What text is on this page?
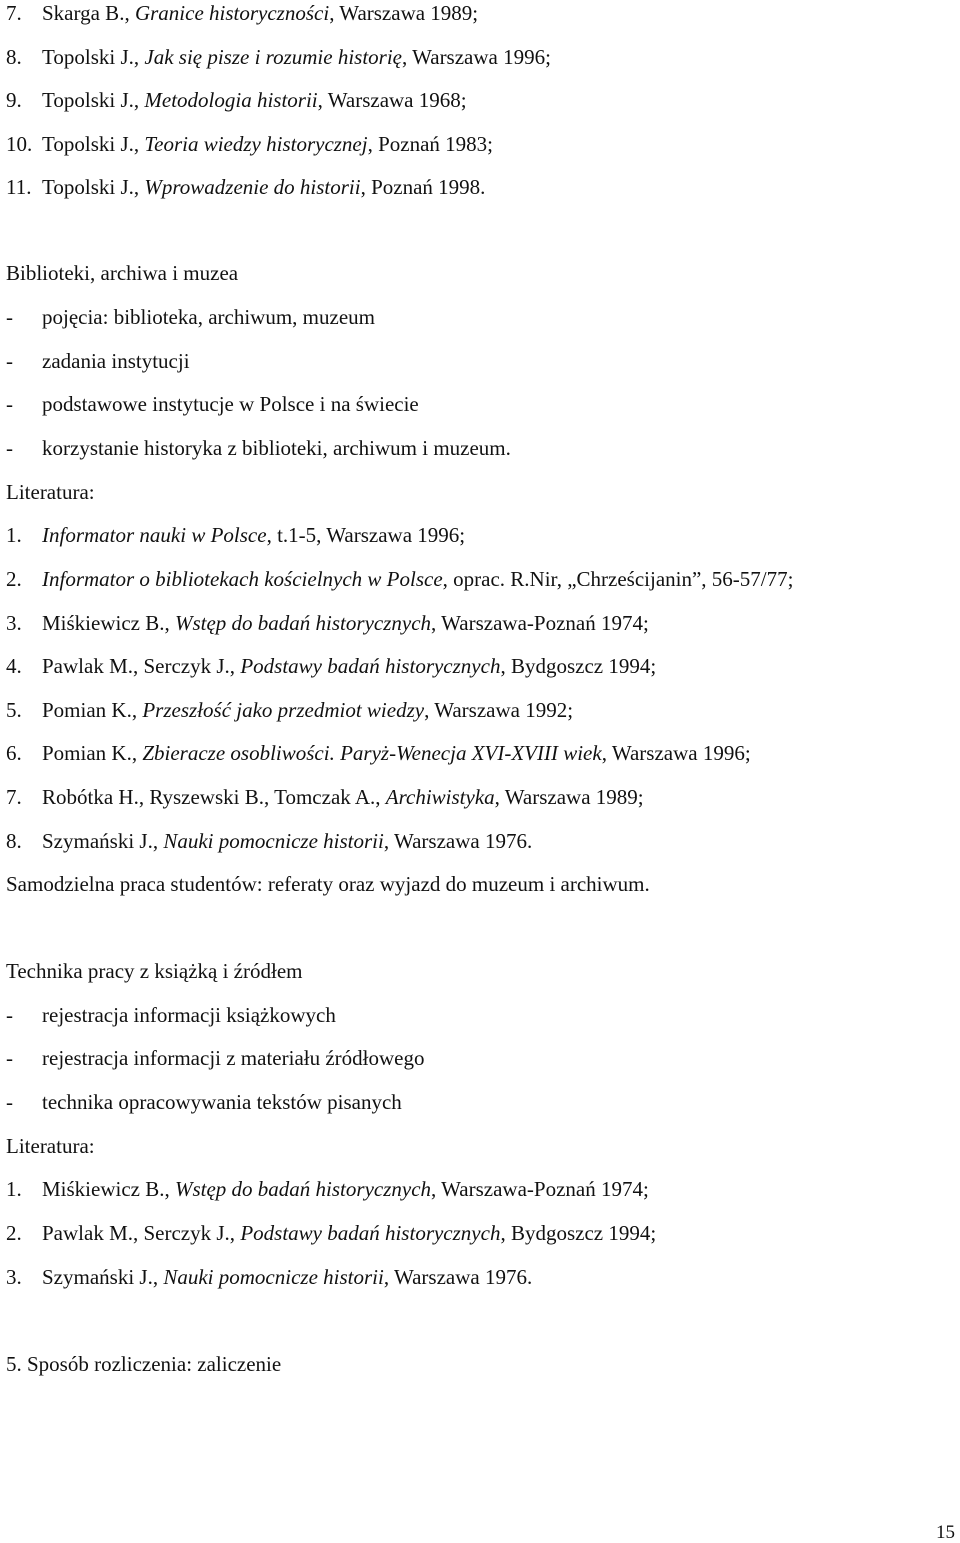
7. Skarga B., Granice historyczności, Warszawa 1989;
8. Topolski J., Jak się pisze i rozumie historię, Warszawa 1996;
9. Topolski J., Metodologia historii, Warszawa 1968;
10. Topolski J., Teoria wiedzy historycznej, Poznań 1983;
11. Topolski J., Wprowadzenie do historii, Poznań 1998.
Biblioteki, archiwa i muzea
- pojęcia: biblioteka, archiwum, muzeum
- zadania instytucji
- podstawowe instytucje w Polsce i na świecie
- korzystanie historyka z biblioteki, archiwum i muzeum.
Literatura:
1. Informator nauki w Polsce, t.1-5, Warszawa 1996;
2. Informator o bibliotekach kościelnych w Polsce, oprac. R.Nir, „Chrześcijanin”, 56-57/77;
3. Miśkiewicz B., Wstęp do badań historycznych, Warszawa-Poznań 1974;
4. Pawlak M., Serczyk J., Podstawy badań historycznych, Bydgoszcz 1994;
5. Pomian K., Przeszłość jako przedmiot wiedzy, Warszawa 1992;
6. Pomian K., Zbieracze osobliwości. Paryż-Wenecja XVI-XVIII wiek, Warszawa 1996;
7. Robótka H., Ryszewski B., Tomczak A., Archiwistyka, Warszawa 1989;
8. Szymański J., Nauki pomocnicze historii, Warszawa 1976.
Samodzielna praca studentów: referaty oraz wyjazd do muzeum i archiwum.
Technika pracy z książką i źródłem
- rejestracja informacji książkowych
- rejestracja informacji z materiału źródłowego
- technika opracowywania tekstów pisanych
Literatura:
1. Miśkiewicz B., Wstęp do badań historycznych, Warszawa-Poznań 1974;
2. Pawlak M., Serczyk J., Podstawy badań historycznych, Bydgoszcz 1994;
3. Szymański J., Nauki pomocnicze historii, Warszawa 1976.
5. Sposób rozliczenia: zaliczenie
15
